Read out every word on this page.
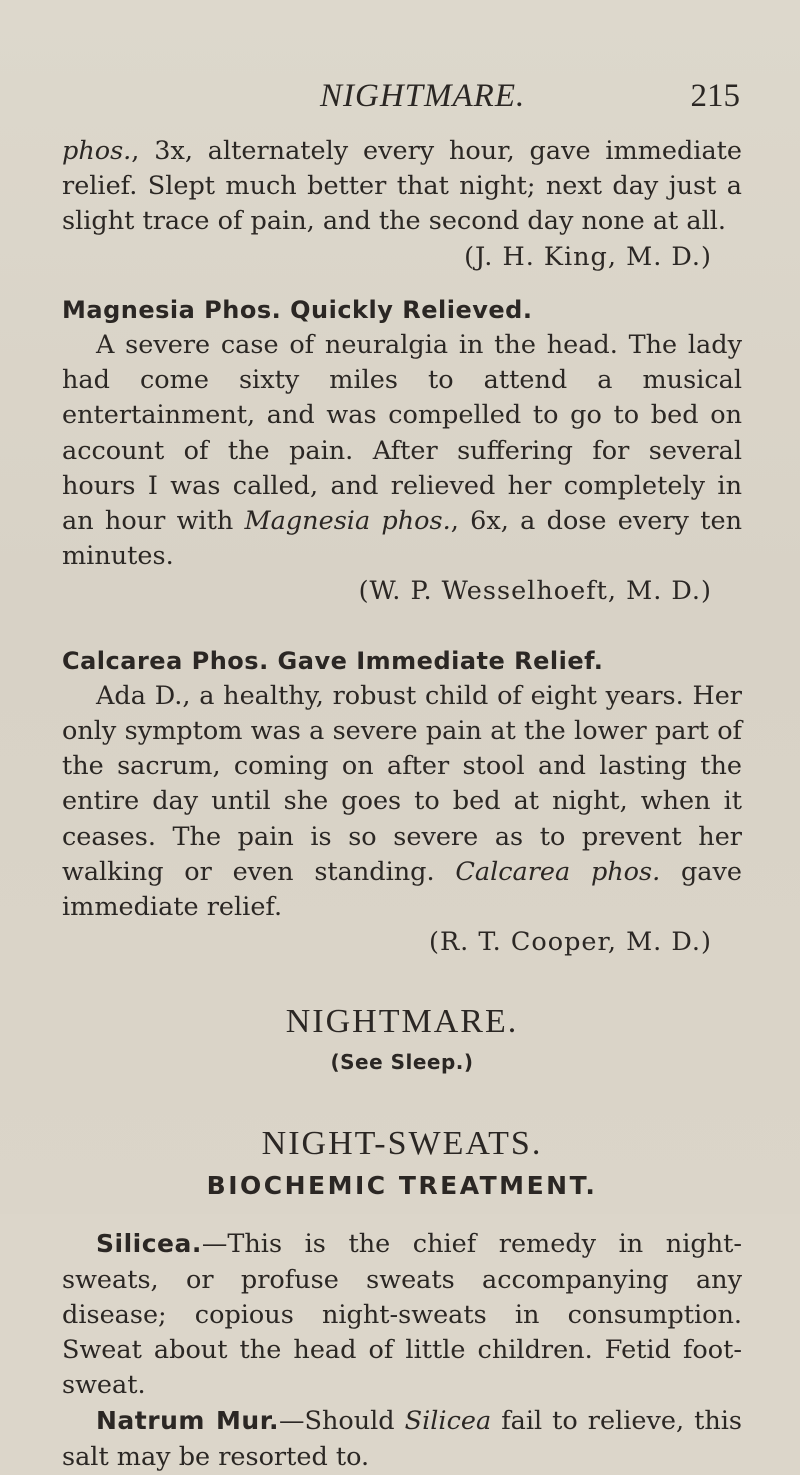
NIGHTMARE.	215

phos., 3x, alternately every hour, gave immediate relief. Slept much better that night; next day just a slight trace of pain, and the second day none at all.

(J. H. King, M. D.)

Magnesia Phos. Quickly Relieved.

A severe case of neuralgia in the head. The lady had come sixty miles to attend a musical entertainment, and was compelled to go to bed on account of the pain. After suffering for several hours I was called, and relieved her completely in an hour with Magnesia phos., 6x, a dose every ten minutes.

(W. P. Wesselhoeft, M. D.)

Calcarea Phos. Gave Immediate Relief.

Ada D., a healthy, robust child of eight years. Her only symptom was a severe pain at the lower part of the sacrum, coming on after stool and lasting the entire day until she goes to bed at night, when it ceases. The pain is so severe as to prevent her walking or even standing. Calcarea phos. gave immediate relief.

(R. T. Cooper, M. D.)

NIGHTMARE.

(See Sleep.)

NIGHT-SWEATS.

BIOCHEMIC TREATMENT.

Silicea.—This is the chief remedy in night-sweats, or profuse sweats accompanying any disease; copious night-sweats in consumption. Sweat about the head of little children. Fetid foot-sweat.

Natrum Mur.—Should Silicea fail to relieve, this salt may be resorted to.
